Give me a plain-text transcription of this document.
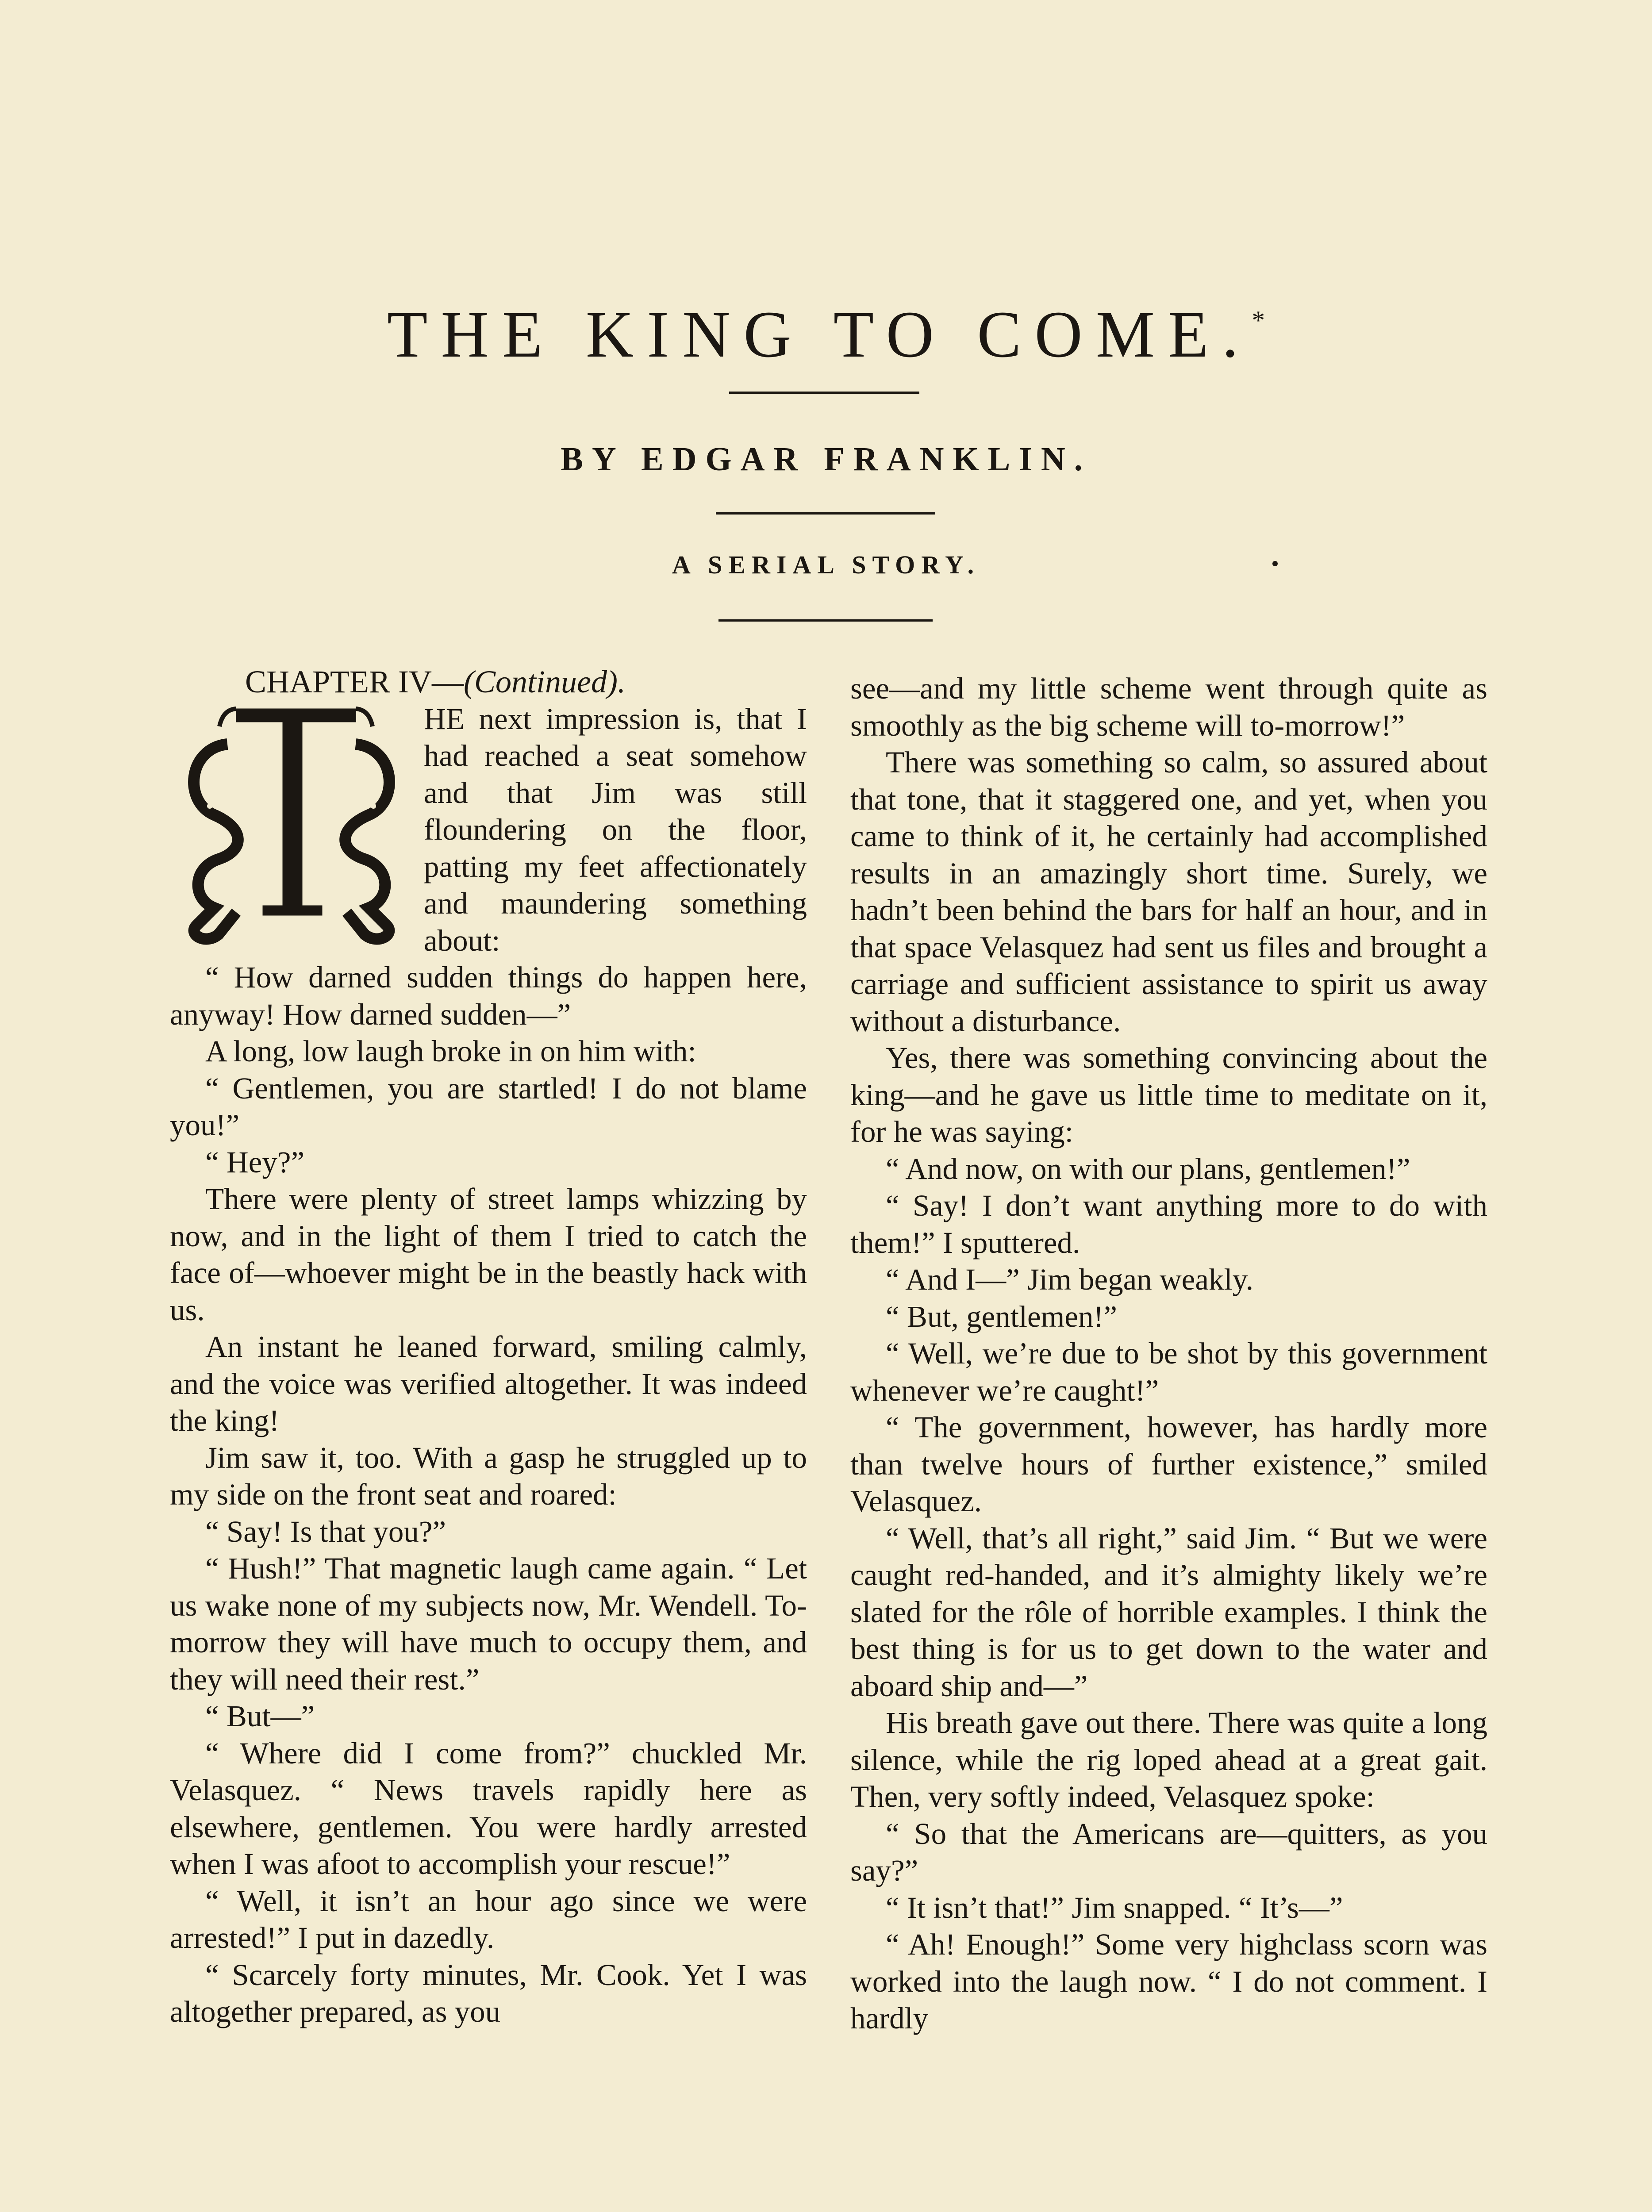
THE KING TO COME.*
BY EDGAR FRANKLIN.
A SERIAL STORY.

CHAPTER IV—(Continued).

T

HE next impression is, that I had reached a seat somehow and that Jim was still floundering on the floor, patting my feet affectionately and maundering something about:

“ How darned sudden things do happen here, anyway! How darned sudden—”

A long, low laugh broke in on him with:

“ Gentlemen, you are startled! I do not blame you!”

“ Hey?”

There were plenty of street lamps whizzing by now, and in the light of them I tried to catch the face of—whoever might be in the beastly hack with us.

An instant he leaned forward, smiling calmly, and the voice was verified altogether. It was indeed the king!

Jim saw it, too. With a gasp he struggled up to my side on the front seat and roared:

“ Say! Is that you?”

“ Hush!” That magnetic laugh came again. “ Let us wake none of my subjects now, Mr. Wendell. To-morrow they will have much to occupy them, and they will need their rest.”

“ But—”

“ Where did I come from?” chuckled Mr. Velasquez. “ News travels rapidly here as elsewhere, gentlemen. You were hardly arrested when I was afoot to accomplish your rescue!”

“ Well, it isn’t an hour ago since we were arrested!” I put in dazedly.

“ Scarcely forty minutes, Mr. Cook. Yet I was altogether prepared, as you

see—and my little scheme went through quite as smoothly as the big scheme will to-morrow!”

There was something so calm, so assured about that tone, that it staggered one, and yet, when you came to think of it, he certainly had accomplished results in an amazingly short time. Surely, we hadn’t been behind the bars for half an hour, and in that space Velasquez had sent us files and brought a carriage and sufficient assistance to spirit us away without a disturbance.

Yes, there was something convincing about the king—and he gave us little time to meditate on it, for he was saying:

“ And now, on with our plans, gentlemen!”

“ Say! I don’t want anything more to do with them!” I sputtered.

“ And I—” Jim began weakly.

“ But, gentlemen!”

“ Well, we’re due to be shot by this government whenever we’re caught!”

“ The government, however, has hardly more than twelve hours of further existence,” smiled Velasquez.

“ Well, that’s all right,” said Jim. “ But we were caught red-handed, and it’s almighty likely we’re slated for the rôle of horrible examples. I think the best thing is for us to get down to the water and aboard ship and—”

His breath gave out there. There was quite a long silence, while the rig loped ahead at a great gait. Then, very softly indeed, Velasquez spoke:

“ So that the Americans are—quitters, as you say?”

“ It isn’t that!” Jim snapped. “ It’s—”

“ Ah! Enough!” Some very highclass scorn was worked into the laugh now. “ I do not comment. I hardly
